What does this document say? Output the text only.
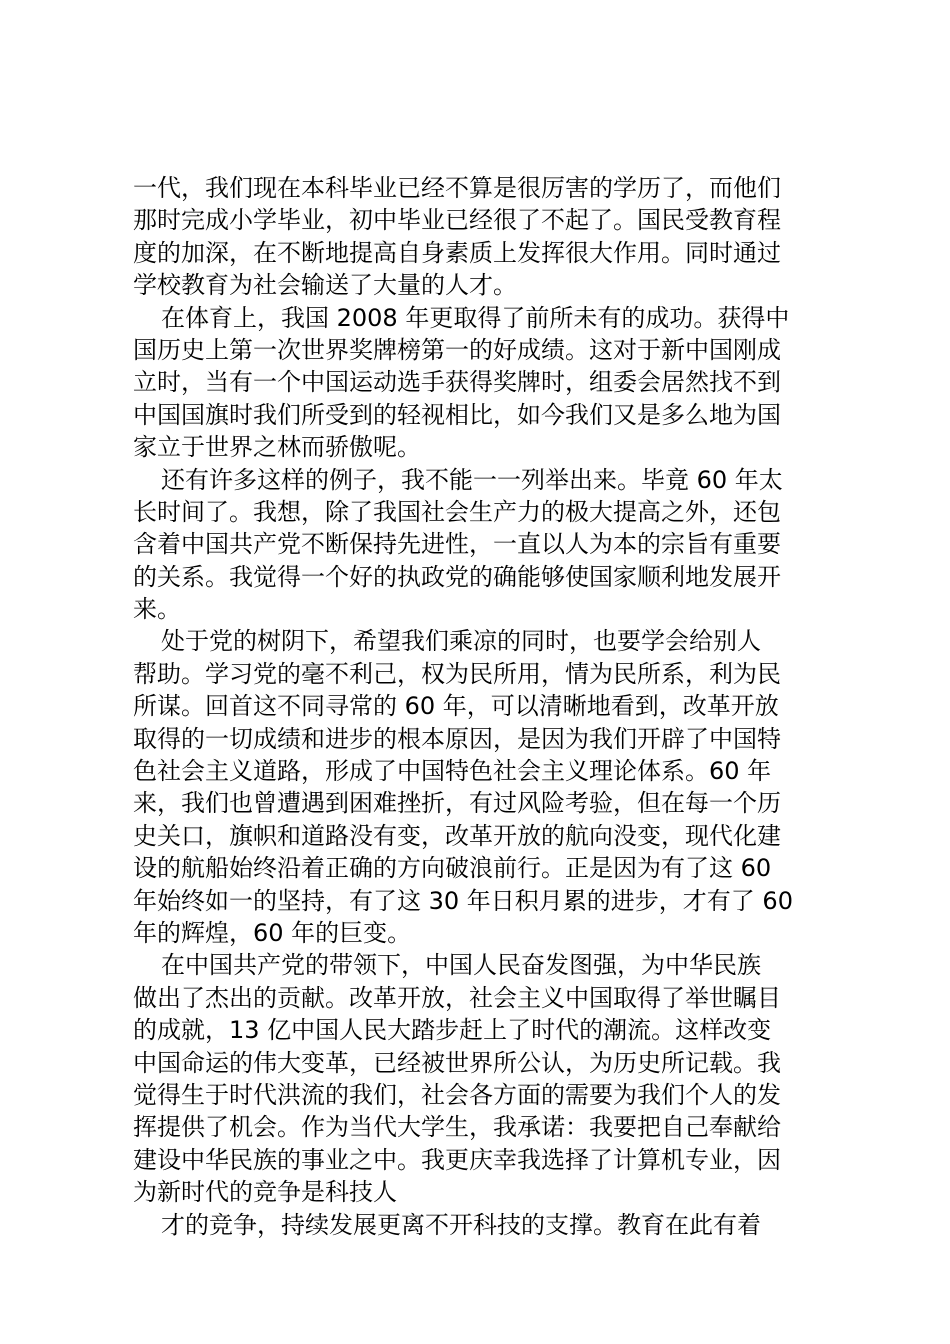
一代，我们现在本科毕业已经不算是很厉害的学历了，而他们
那时完成小学毕业，初中毕业已经很了不起了。国民受教育程
度的加深，在不断地提高自身素质上发挥很大作用。同时通过
学校教育为社会输送了大量的人才。
在体育上，我国 2008 年更取得了前所未有的成功。获得中
国历史上第一次世界奖牌榜第一的好成绩。这对于新中国刚成
立时，当有一个中国运动选手获得奖牌时，组委会居然找不到
中国国旗时我们所受到的轻视相比，如今我们又是多么地为国
家立于世界之林而骄傲呢。
还有许多这样的例子，我不能一一列举出来。毕竟 60 年太
长时间了。我想，除了我国社会生产力的极大提高之外，还包
含着中国共产党不断保持先进性，一直以人为本的宗旨有重要
的关系。我觉得一个好的执政党的确能够使国家顺利地发展开
来。
处于党的树阴下，希望我们乘凉的同时，也要学会给别人
帮助。学习党的毫不利己，权为民所用，情为民所系，利为民
所谋。回首这不同寻常的 60 年，可以清晰地看到，改革开放
取得的一切成绩和进步的根本原因，是因为我们开辟了中国特
色社会主义道路，形成了中国特色社会主义理论体系。60 年
来，我们也曾遭遇到困难挫折，有过风险考验，但在每一个历
史关口，旗帜和道路没有变，改革开放的航向没变，现代化建
设的航船始终沿着正确的方向破浪前行。正是因为有了这 60
年始终如一的坚持，有了这 30 年日积月累的进步，才有了 60
年的辉煌，60 年的巨变。
在中国共产党的带领下，中国人民奋发图强，为中华民族
做出了杰出的贡献。改革开放，社会主义中国取得了举世瞩目
的成就，13 亿中国人民大踏步赶上了时代的潮流。这样改变
中国命运的伟大变革，已经被世界所公认，为历史所记载。我
觉得生于时代洪流的我们，社会各方面的需要为我们个人的发
挥提供了机会。作为当代大学生，我承诺：我要把自己奉献给
建设中华民族的事业之中。我更庆幸我选择了计算机专业，因
为新时代的竞争是科技人
才的竞争，持续发展更离不开科技的支撑。教育在此有着
